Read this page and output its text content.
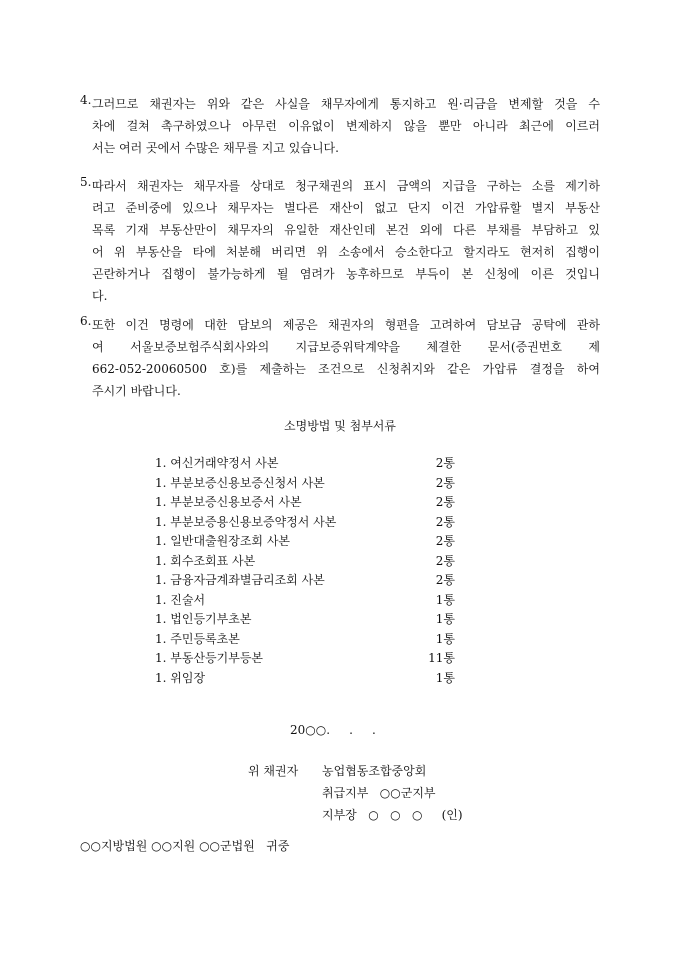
4. 그러므로 채권자는 위와 같은 사실을 채무자에게 통지하고 원·리금을 변제할 것을 수
차에 걸쳐 촉구하였으나 아무런 이유없이 변제하지 않을 뿐만 아니라 최근에 이르러
서는 여러 곳에서 수많은 채무를 지고 있습니다.
5. 따라서 채권자는 채무자를 상대로 청구채권의 표시 금액의 지급을 구하는 소를 제기하
려고 준비중에 있으나 채무자는 별다른 재산이 없고 단지 이건 가압류할 별지 부동산
목록 기재 부동산만이 채무자의 유일한 재산인데 본건 외에 다른 부채를 부담하고 있
어 위 부동산을 타에 처분해 버리면 위 소송에서 승소한다고 할지라도 현저히 집행이
곤란하거나 집행이 불가능하게 될 염려가 농후하므로 부득이 본 신청에 이른 것입니
다.
6. 또한 이건 명령에 대한 담보의 제공은 채권자의 형편을 고려하여 담보금 공탁에 관하
여 서울보증보험주식회사와의 지급보증위탁계약을 체결한 문서(증권번호 제
662-052-20060500 호)를 제출하는 조건으로 신청취지와 같은 가압류 결정을 하여
주시기 바랍니다.
소명방법 및 첨부서류
1. 여신거래약정서 사본	2통
1. 부분보증신용보증신청서 사본	2통
1. 부분보증신용보증서 사본	2통
1. 부분보증용신용보증약정서 사본	2통
1. 일반대출원장조회 사본	2통
1. 회수조회표 사본	2통
1. 금융자금계좌별금리조회 사본	2통
1. 진술서	1통
1. 법인등기부초본	1통
1. 주민등록초본	1통
1. 부동산등기부등본	11통
1. 위임장	1통
20○○.     .     .
위 채권자 농업협동조합중앙회
취급지부   ○○군지부
지부장   ○   ○   ○     (인)
○○지방법원 ○○지원 ○○군법원   귀중
